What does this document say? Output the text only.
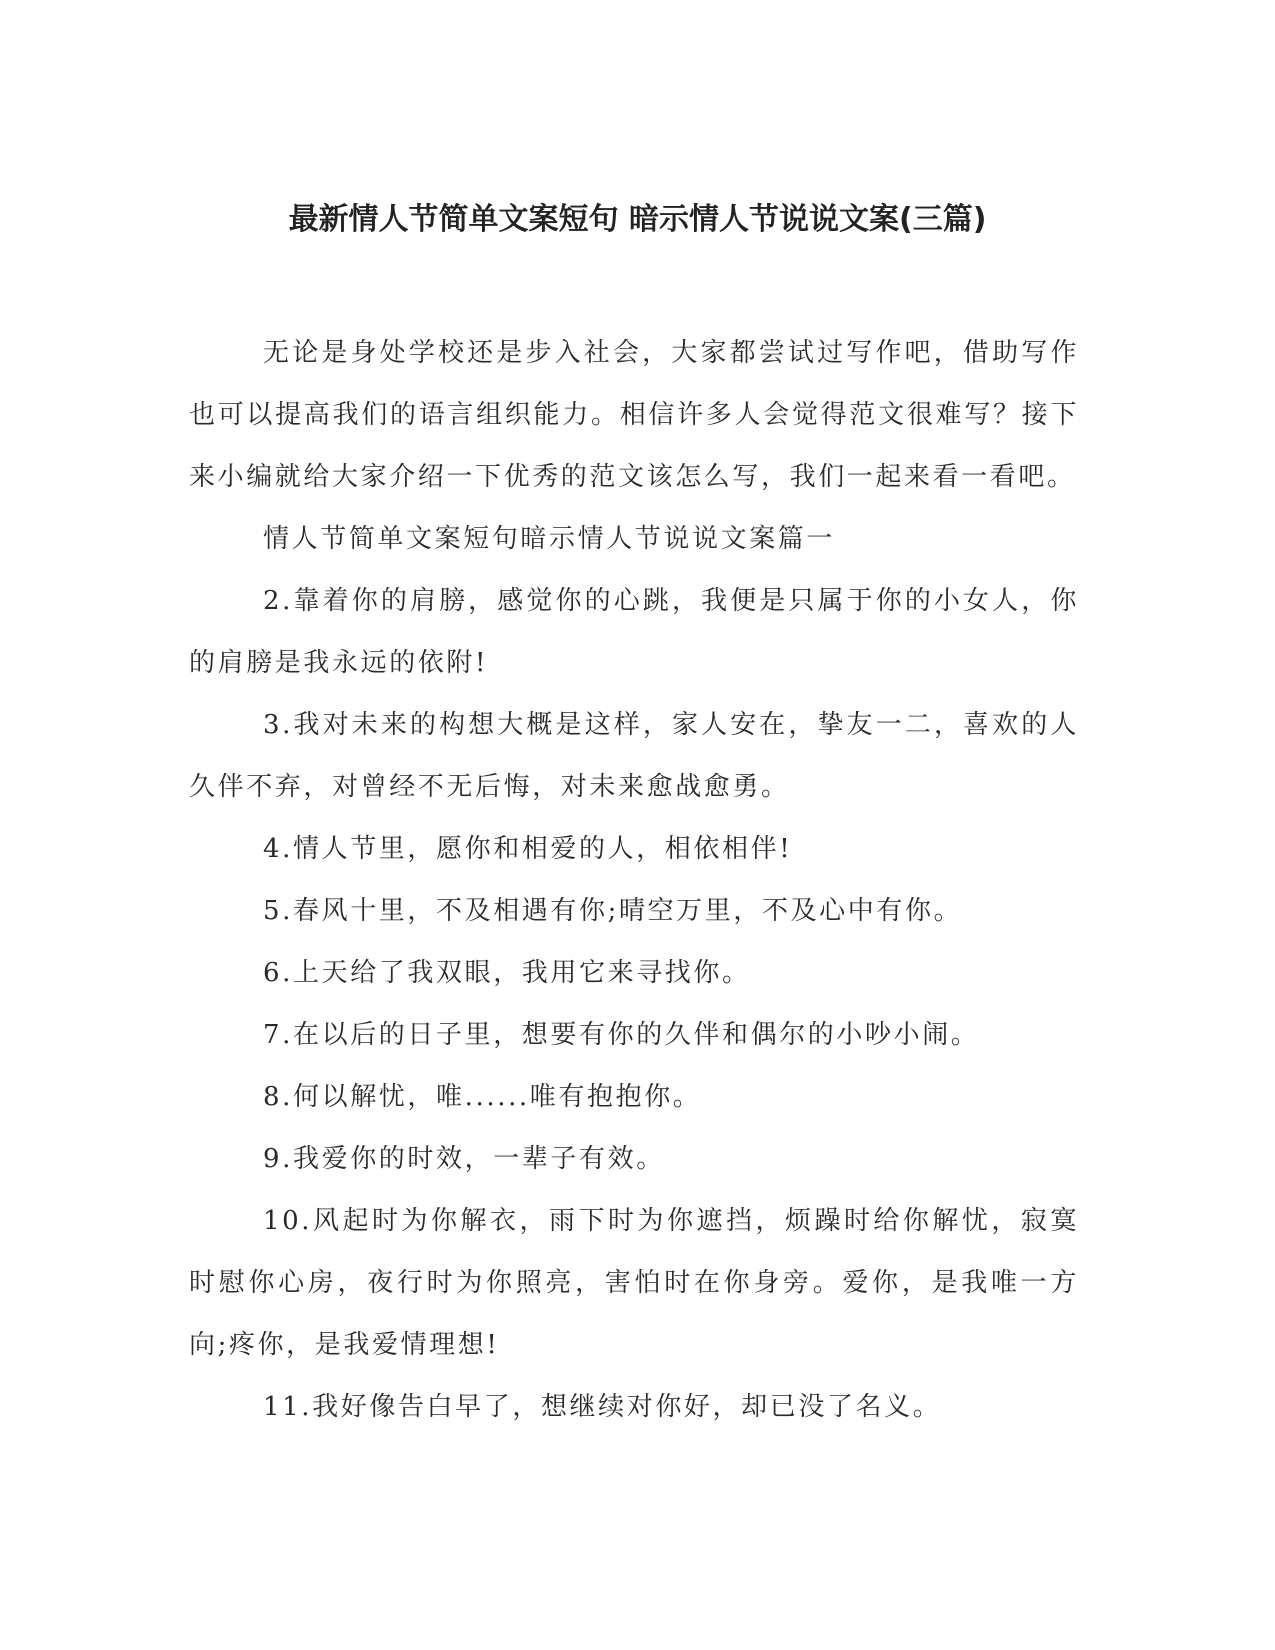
最新情人节简单文案短句 暗示情人节说说文案(三篇)

无论是身处学校还是步入社会，大家都尝试过写作吧，借助写作也可以提高我们的语言组织能力。相信许多人会觉得范文很难写？接下来小编就给大家介绍一下优秀的范文该怎么写，我们一起来看一看吧。

情人节简单文案短句暗示情人节说说文案篇一

2.靠着你的肩膀，感觉你的心跳，我便是只属于你的小女人，你的肩膀是我永远的依附!

3.我对未来的构想大概是这样，家人安在，挚友一二，喜欢的人久伴不弃，对曾经不无后悔，对未来愈战愈勇。

4.情人节里，愿你和相爱的人，相依相伴!

5.春风十里，不及相遇有你;晴空万里，不及心中有你。

6.上天给了我双眼，我用它来寻找你。

7.在以后的日子里，想要有你的久伴和偶尔的小吵小闹。

8.何以解忧，唯......唯有抱抱你。

9.我爱你的时效，一辈子有效。

10.风起时为你解衣，雨下时为你遮挡，烦躁时给你解忧，寂寞时慰你心房，夜行时为你照亮，害怕时在你身旁。爱你，是我唯一方向;疼你，是我爱情理想!

11.我好像告白早了，想继续对你好，却已没了名义。
